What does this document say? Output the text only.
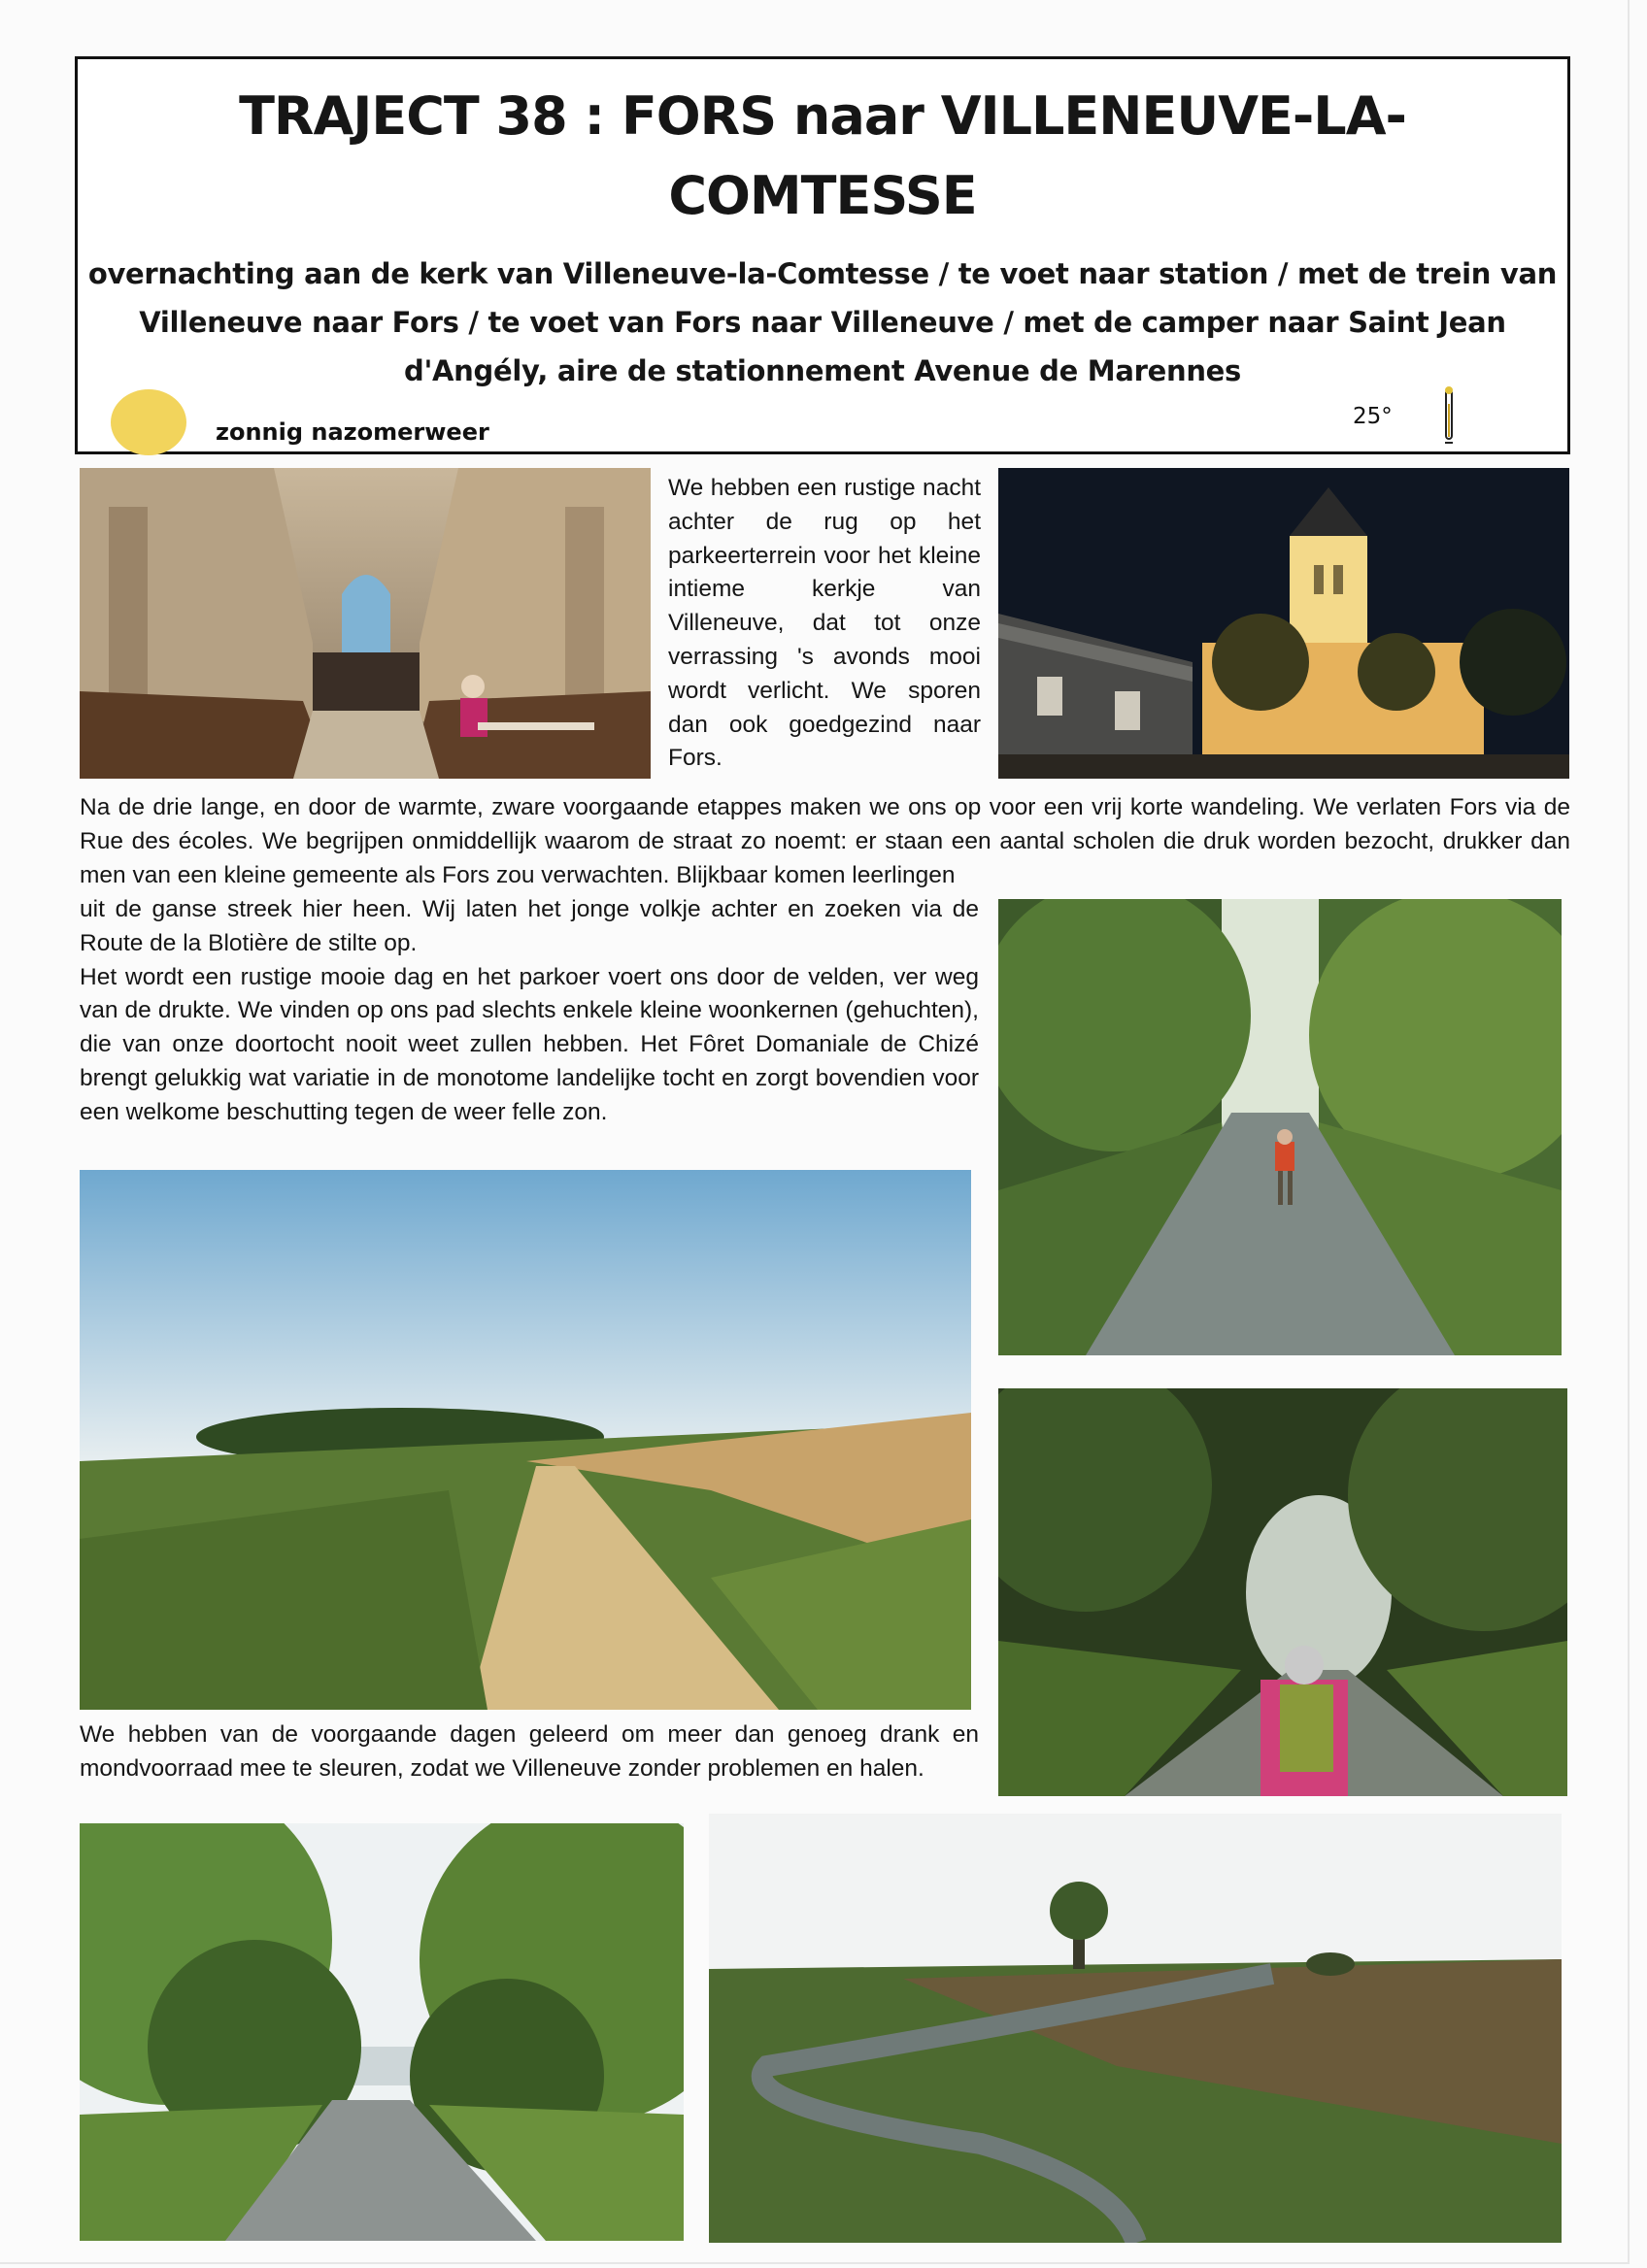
TRAJECT 38 : FORS naar VILLENEUVE-LA-
COMTESSE
overnachting aan de kerk van Villeneuve-la-Comtesse / te voet naar station / met de trein van
Villeneuve naar Fors / te voet van Fors naar Villeneuve / met de camper naar Saint Jean
d'Angély, aire de stationnement Avenue de Marennes
zonnig nazomerweer
25°

We hebben een rustige nacht achter de rug op het parkeerterrein voor het kleine intieme kerkje van Villeneuve, dat tot onze verrassing 's avonds mooi wordt verlicht. We sporen dan ook goedgezind naar Fors.

Na de drie lange, en door de warmte, zware voorgaande etappes maken we ons op voor een vrij korte wandeling. We verlaten Fors via de Rue des écoles. We begrijpen onmiddellijk waarom de straat zo noemt: er staan een aantal scholen die druk worden bezocht, drukker dan men van een kleine gemeente als Fors zou verwachten. Blijkbaar komen leerlingen

uit de ganse streek hier heen. Wij laten het jonge volkje achter en zoeken via de Route de la Blotière de stilte op.

Het wordt een rustige mooie dag en het parkoer voert ons door de velden, ver weg van de drukte. We vinden op ons pad slechts enkele kleine woonkernen (gehuchten), die van onze doortocht nooit weet zullen hebben. Het Fôret Domaniale de Chizé brengt gelukkig wat variatie in de monotome landelijke tocht en zorgt bovendien voor een welkome beschutting tegen de weer felle zon.

We hebben van de voorgaande dagen geleerd om meer dan genoeg drank en mondvoorraad mee te sleuren, zodat we Villeneuve zonder problemen en halen.
